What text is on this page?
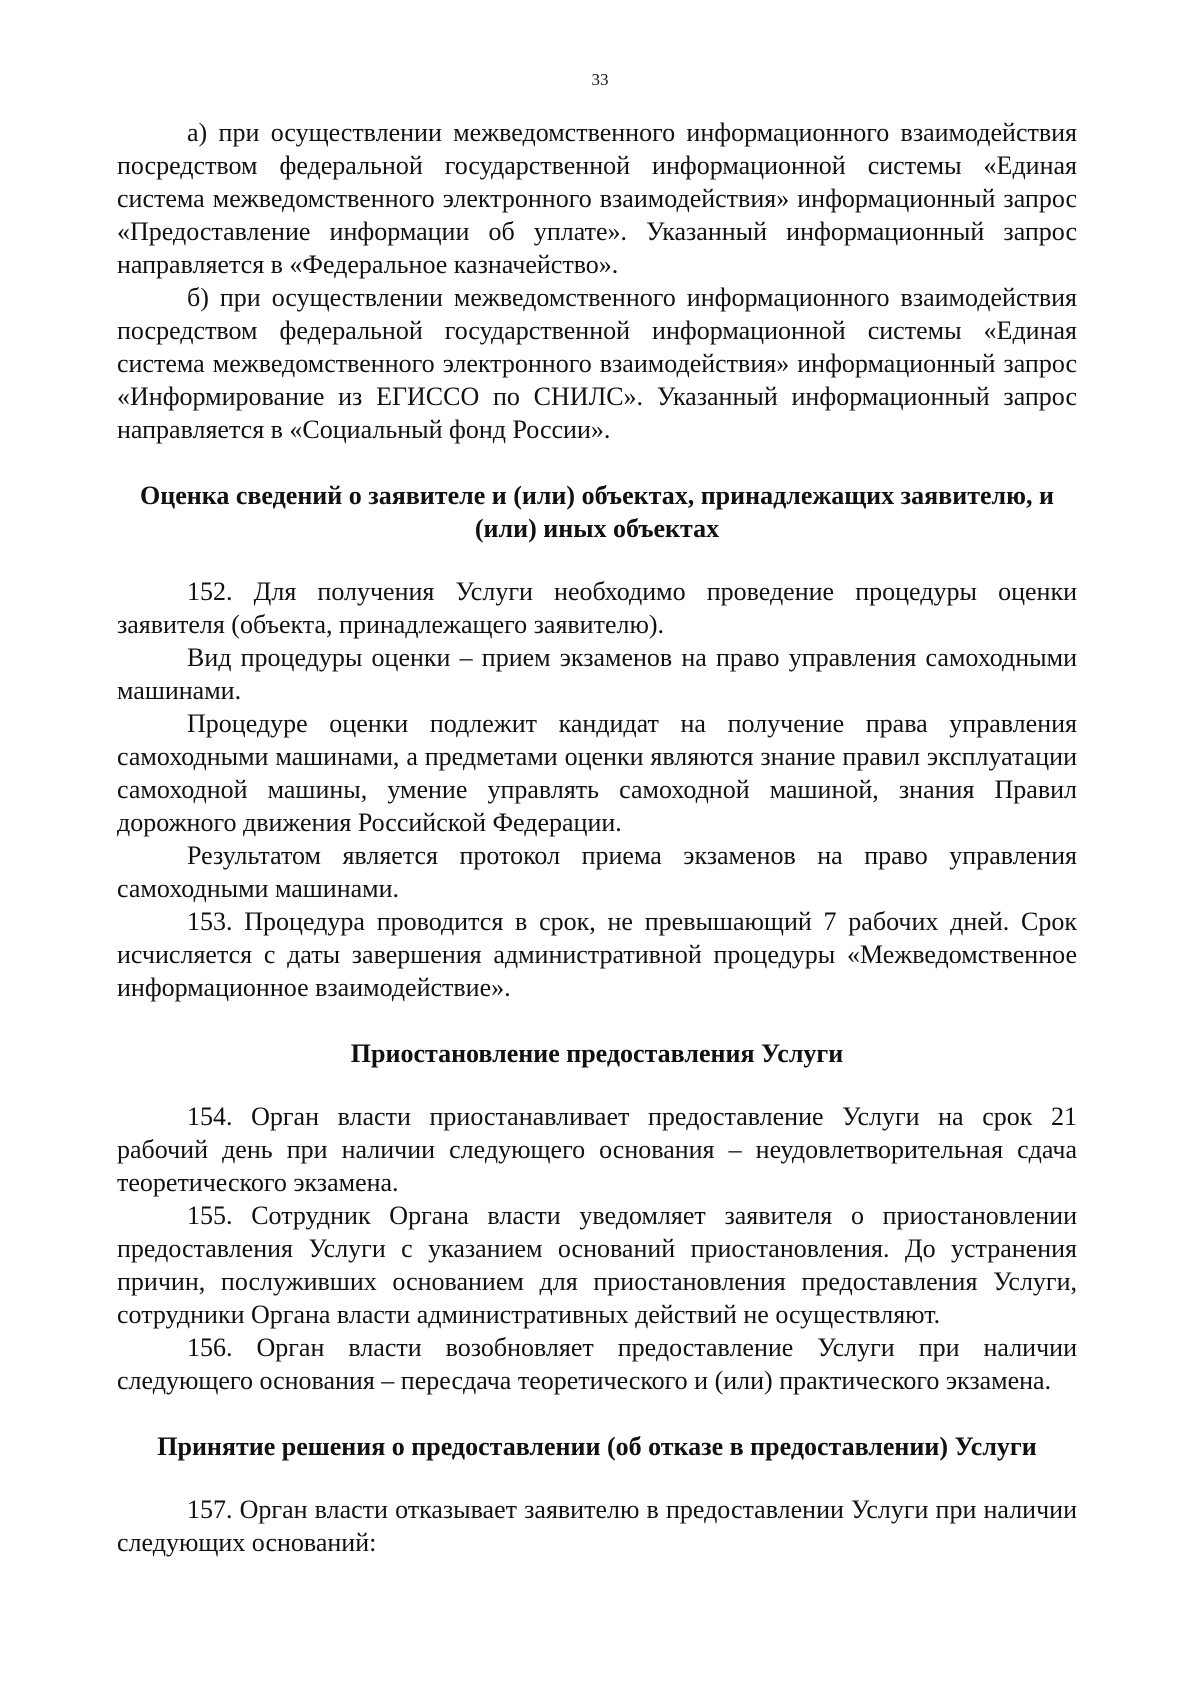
33

а) при осуществлении межведомственного информационного взаимодействия посредством федеральной государственной информационной системы «Единая система межведомственного электронного взаимодействия» информационный запрос «Предоставление информации об уплате». Указанный информационный запрос направляется в «Федеральное казначейство».

б) при осуществлении межведомственного информационного взаимодействия посредством федеральной государственной информационной системы «Единая система межведомственного электронного взаимодействия» информационный запрос «Информирование из ЕГИССО по СНИЛС». Указанный информационный запрос направляется в «Социальный фонд России».

Оценка сведений о заявителе и (или) объектах, принадлежащих заявителю, и (или) иных объектах

152. Для получения Услуги необходимо проведение процедуры оценки заявителя (объекта, принадлежащего заявителю).

Вид процедуры оценки – прием экзаменов на право управления самоходными машинами.

Процедуре оценки подлежит кандидат на получение права управления самоходными машинами, а предметами оценки являются знание правил эксплуатации самоходной машины, умение управлять самоходной машиной, знания Правил дорожного движения Российской Федерации.

Результатом является протокол приема экзаменов на право управления самоходными машинами.

153. Процедура проводится в срок, не превышающий 7 рабочих дней. Срок исчисляется с даты завершения административной процедуры «Межведомственное информационное взаимодействие».

Приостановление предоставления Услуги

154. Орган власти приостанавливает предоставление Услуги на срок 21 рабочий день при наличии следующего основания – неудовлетворительная сдача теоретического экзамена.

155. Сотрудник Органа власти уведомляет заявителя о приостановлении предоставления Услуги с указанием оснований приостановления. До устранения причин, послуживших основанием для приостановления предоставления Услуги, сотрудники Органа власти административных действий не осуществляют.

156. Орган власти возобновляет предоставление Услуги при наличии следующего основания – пересдача теоретического и (или) практического экзамена.

Принятие решения о предоставлении (об отказе в предоставлении) Услуги

157. Орган власти отказывает заявителю в предоставлении Услуги при наличии следующих оснований:
